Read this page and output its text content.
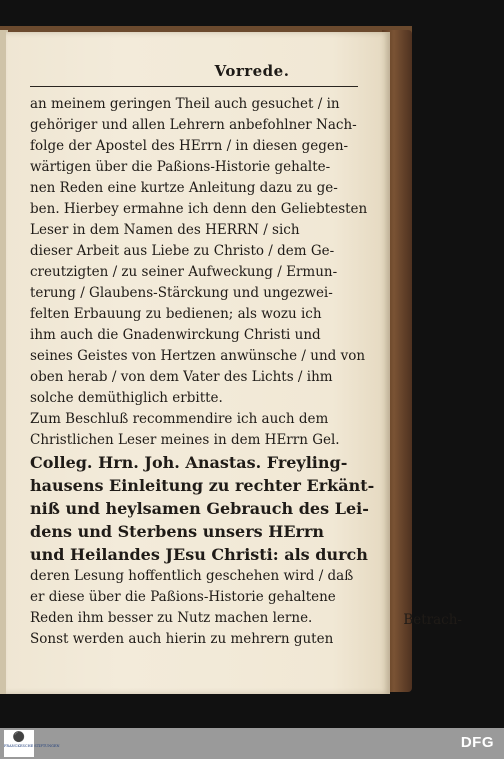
Vorrede.
an meinem geringen Theil auch gesuchet / in
gehöriger und allen Lehrern anbefohlner Nach-
folge der Apostel des HErrn / in diesen gegen-
wärtigen über die Paßions-Historie gehalte-
nen Reden eine kurtze Anleitung dazu zu ge-
ben. Hierbey ermahne ich denn den Geliebtesten
Leser in dem Namen des HERRN / sich
dieser Arbeit aus Liebe zu Christo / dem Ge-
creutzigten / zu seiner Aufweckung / Ermun-
terung / Glaubens-Stärckung und ungezwei-
felten Erbauung zu bedienen; als wozu ich
ihm auch die Gnadenwirckung Christi und
seines Geistes von Hertzen anwünsche / und von
oben herab / von dem Vater des Lichts / ihm
solche demüthiglich erbitte.
Zum Beschluß recommendire ich auch dem
Christlichen Leser meines in dem HErrn Gel.
Colleg. Hrn. Joh. Anastas. Freyling-
hausens Einleitung zu rechter Erkänt-
niß und heylsamen Gebrauch des Lei-
dens und Sterbens unsers HErrn
und Heilandes JEsu Christi: als durch
deren Lesung hoffentlich geschehen wird / daß
er diese über die Paßions-Historie gehaltene
Reden ihm besser zu Nutz machen lerne.
Sonst werden auch hierin zu mehrern guten
Betrach-
⚫
FRANCKESCHE STIFTUNGEN	DFG
